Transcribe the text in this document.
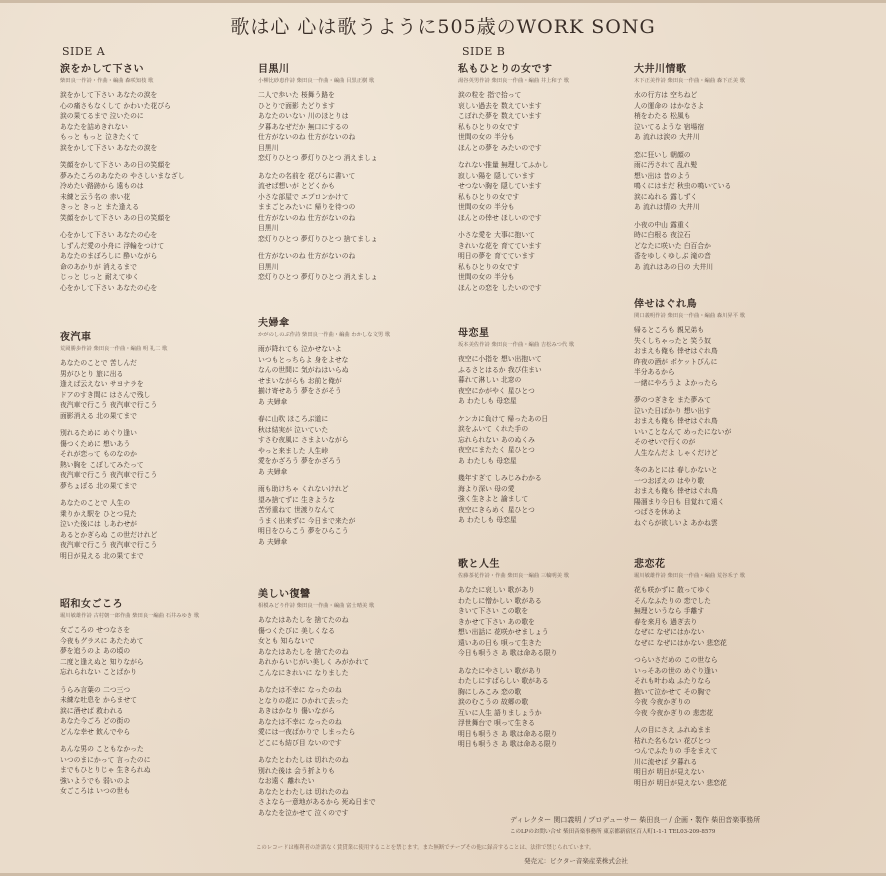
歌は心 心は歌うように505歳のWORK SONG
SIDE A	SIDE B
涙をかして下さい
柴田良一作詩・作曲・編曲 森咲知枝 歌
涙をかして下さい あなたの涙を
心の痛さもなくして かわいた花びら
涙の果てるまで 泣いたのに
あなたを詰めきれない
もっと もっと 泣きたくて
涙をかして下さい あなたの涙を
笑顔をかして下さい あの日の笑顔を
夢みたころのあなたの やさしいまなざし
冷めたい路跡から 遠ものは
未練と云う名の 赤い花
きっと きっと また逢える
笑顔をかして下さい あの日の笑顔を
心をかして下さい あなたの心を
しずんだ愛の小舟に 浮輪をつけて
あなたのまぼろしに 酔いながら
命のあかりが 消えるまで
じっと じっと 耐えてゆく
心をかして下さい あなたの心を
夜汽車
荒岡勝歩作詩 柴田良一作曲・編曲 明 礼二 歌
あなたのことで 苦しんだ
男がひとり 旅に出る
逢えば云えない サヨナラを
ドアのすき間に はさんで残し
夜汽車で行こう 夜汽車で行こう
面影消える 北の果てまで
別れるために めぐり逢い
傷つくために 想いあう
それが恋って ものなのか
熱い胸を こぼしてみたって
夜汽車で行こう 夜汽車で行こう
夢ちょぼる 北の果てまで
あなたのことで 人生の
乗りかえ駅を ひとつ見た
泣いた後には しあわせが
あるとかぎらぬ この世だけれど
夜汽車で行こう 夜汽車で行こう
明日が見える 北の果てまで
昭和女ごころ
堀川敏雄作詩 古村朝一郎作曲 柴田良一編曲 石井みゆき 歌
女ごころの せつなさを
今夜もグラスに あたためて
夢を追うのよ あの頃の
二度と逢えぬと 知りながら
忘れられない ことばかり
うらみ言葉の 二つ三つ
未練な吐息を からませて
涙に酒せば 救われる
あなた今ごろ どの街の
どんな幸せ 飲んでやら
あんな男の こともなかった
いつのまにかって 言ったのに
までもひとりじゃ 生きられぬ
強いようでも 弱いのよ
女ごころは いつの世も
目黒川
小柳比砂恵作詩 柴田良一作曲・編曲 目黒正樹 歌
二人で歩いた 桜舞う路を
ひとりで面影 たどります
あなたのいない 川のほとりは
夕暮あなぜだか 無口にするの
仕方がないのね 仕方がないのね
目黒川
恋灯りひとつ 夢灯りひとつ 消えましょ
あなたの名前を 花びらに書いて
流せば想いが とどくかも
小さな部屋で エプロンかけて
ままごとみたいに 帰りを待つの
仕方がないのね 仕方がないのね
目黒川
恋灯りひとつ 夢灯りひとつ 捨てましょ
仕方がないのね 仕方がないのね
目黒川
恋灯りひとつ 夢灯りひとつ 消えましょ
夫婦傘
かがのしのぶ作詩 柴田良一作曲・編曲 わかしな文男 歌
雨が降れても 泣かせないよ
いつもとっちらよ 身をよせな
なんの世間に 気がねはいらぬ
せまいながらも お前と俺が
揃け寄せあう 夢をさがそう
あ 夫婦傘
春に山吹 ほころぶ道に
秋は結実が 泣いていた
すさむ夜風に さまよいながら
やっと来ました 人生峠
愛をかざろう 夢をかざろう
あ 夫婦傘
雨も助けちゃ くれないけれど
望み捨てずに 生きような
苦労重ねて 世渡りなんて
うまく出来ずに 今日まで来たが
明日をひらこう 夢をひらこう
あ 夫婦傘
美しい復讐
相模みどり作詩 柴田良一作曲・編曲 富士晴美 歌
あなたはあたしを 捨てたのね
傷つくたびに 美しくなる
女とも 知らないで
あなたはあたしを 捨てたのね
あれからいじがい美しく みがかれて
こんなにきれいに なりました
あなたは不幸に なったのね
となりの花に ひかれて去った
あきはかなり 傷いながら
あなたは不幸に なったのね
愛には一夜ばかりで しまったら
どこにも結び目 ないのです
あなたとわたしは 切れたのね
別れた後は 会う折よりも
なお遠く 離れたい
あなたとわたしは 切れたのね
さよなら一意地があるから 死ぬ日まで
あなたを泣かせて 泣くのです
私もひとりの女です
湯谷英男作詩 柴田良一作曲・編曲 井上和子 歌
涙の粒を 指で拾って
哀しい過去を 数えています
こぼれた夢を 数えています
私もひとりの女です
世間の女の 半分も
ほんとの夢を みたいのです
なれない推量 無理してふかし
寂しい陽を 隠しています
せつない胸を 隠しています
私もひとりの女です
世間の女の 半分も
ほんとの倖せ ほしいのです
小さな愛を 大事に抱いて
きれいな花を 育てています
明日の夢を 育てています
私もひとりの女です
世間の女の 半分も
ほんとの恋を したいのです
母恋星
坂本美佐作詩 柴田良一作曲・編曲 吉松みつ代 歌
夜空に小指を 想い出抱いて
ふるさとはるか 我び住まい
暮れて淋しい 北窓の
夜空にかがやく 星ひとつ
あ わたしも 母恋星
ケンカに負けて 帰ったあの日
涙をふいて くれた手の
忘れられない あのぬくみ
夜空にまたたく 星ひとつ
あ わたしも 母恋星
幾年すぎて しみじみわかる
海より深い 母の愛
強く生きよと 諭まして
夜空にきらめく 星ひとつ
あ わたしも 母恋星
歌と人生
佐藤茶花作詩・作曲 柴田良一編曲 三輪明美 歌
あなたに哀しい 歌があり
わたしに憎かしい 歌がある
きいて下さい この歌を
きかせて下さい あの歌を
想い出話に 花咲かせましょう
遠いあの日も 唄って生きた
今日も唄うさ あ 歌は命ある限り
あなたにやさしい 歌があり
わたしにすばらしい 歌がある
胸にしみこみ 恋の歌
涙のむこうの 故郷の歌
互いに人生 語りましょうか
浮世舞台で 唄って生きる
明日も唄うさ あ 歌は命ある限り
明日も唄うさ あ 歌は命ある限り
大井川情歌
木下正美作詩 柴田良一作曲・編曲 森下正美 歌
水の行方は 空ちねど
人の運命の はかなさよ
梢をわたる 松風も
泣いてるような 宿場宿
あ 流れは涙の 大井川
恋に狂いし 朝顔の
雨に汚されて 乱れ髪
想い出は 昔のよう
鳴くにはまだ 秋虫の鳴いている
涙にぬれる 露しずく
あ 流れは情の 大井川
小夜の中山 露重く
時に白根る 夜泣石
どなたに咲いた 白百合か
香をゆしくゆしぶ 滝の音
あ 流れはあの日の 大井川
倖せはぐれ鳥
関口義明作詩 柴田良一作曲・編曲 森川昇平 歌
帰るところも 親兄弟も
失くしちゃったと 笑う奴
おまえも俺も 倖せはぐれ鳥
昨夜の酒が ポケットびんに
半分あるから
一緒にやろうよ よかったら
夢のつぎきを また夢みて
泣いた日ばかり 想い出す
おまえも俺も 倖せはぐれ鳥
いいことなんて めったにないが
そのせいで行くのが
人生なんだよ しゃくだけど
冬のあとには 春しかないと
一つおぼえの はやり歌
おまえも俺も 倖せはぐれ鳥
陽溜まり今日も 目覚れて遠く
つばさを休めよ
ねぐらが欲しいよ あかね雲
悲恋花
堀川敏雄作詩 柴田良一作曲・編曲 荒谷禾子 歌
花も咲かずに 散ってゆく
そんなふたりの 恋でした
無理というなら 手離す
春を来月も 過ぎ去り
なぜに なぜにはかない
なぜに なぜにはかない 悲恋花
つらいさだめの この世なら
いっそあの世の めぐり逢い
それも叶わぬ ふたりなら
抱いて泣かせて その胸で
今夜 今夜かぎりの
今夜 今夜かぎりの 悲恋花
人の目にさえ ふれぬまま
枯れた名もない 花びとつ
つんでふたりの 手をまえて
川に流せば 夕暮れる
明日が 明日が見えない
明日が 明日が見えない 悲恋花
ディレクター 関口義明 / プロデューサー 柴田良一 / 企画・製作 柴田音楽事務所
このLPのお問い合せ 柴田音楽事務所 東京都新宿区百人町1-1-1 TEL03-209-8579
このレコードは権利者の許諾なく賃貸業に使用することを禁じます。また無断でテープその他に録音することは、法律で禁じられています。
発売元：ビクター音楽産業株式会社
